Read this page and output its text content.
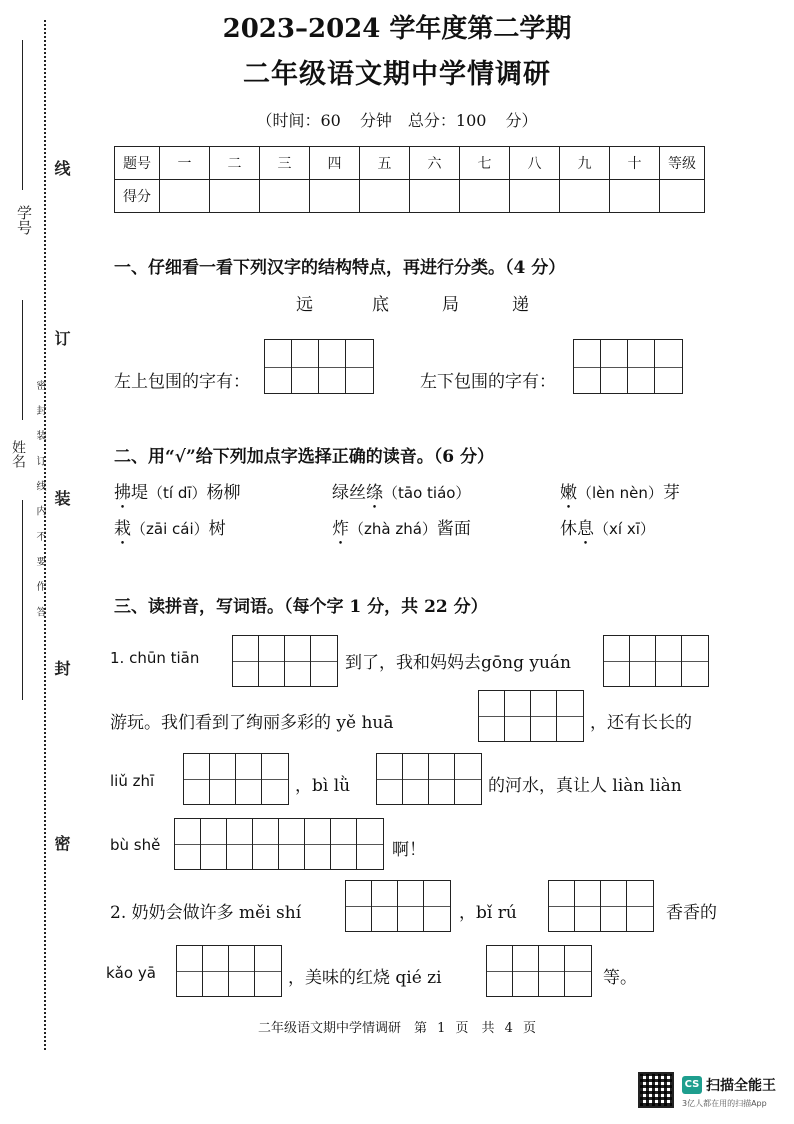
学号
姓名 密 封 装 订 线 内 不 要 作 答
线
订
装
封
密
2023–2024 学年度第二学期
二年级语文期中学情调研
（时间：60 分钟　总分：100 分）
题号	一	二	三	四	五	六	七	八	九	十	等级
得分											
一、仔细看一看下列汉字的结构特点，再进行分类。（4 分）
远	底	局	递
左上包围的字有：	左下包围的字有：
二、用“√”给下列加点字选择正确的读音。（6 分）
拂堤（tí dī）杨柳	绿丝绦（tāo tiáo）	嫩（lèn nèn）芽
栽（zāi cái）树	炸（zhà zhá）酱面	休息（xí xī）
三、读拼音，写词语。（每个字 1 分，共 22 分）
1. chūn tiān	到了，我和妈妈去gōng yuán
游玩。我们看到了绚丽多彩的 yě huā	，还有长长的
liǔ zhī	，bì lǜ	的河水，真让人 liàn liàn
bù shě	啊！
2. 奶奶会做许多 měi shí	，bǐ rú	香香的
kǎo yā	，美味的红烧 qié zi	等。
二年级语文期中学情调研　第 1 页　共 4 页
CS 扫描全能王
3亿人都在用的扫描App
